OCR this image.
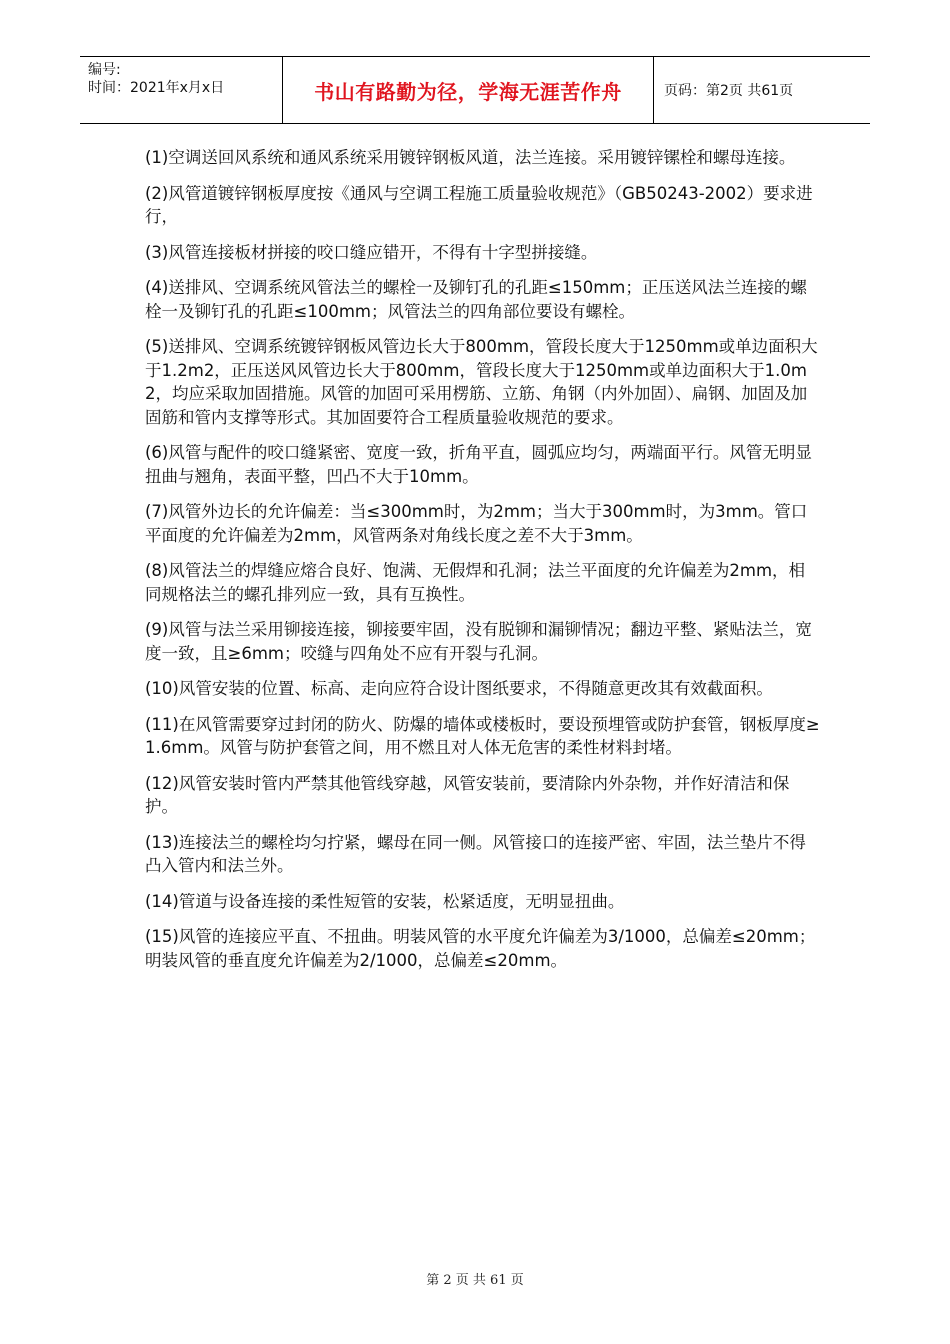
编号:
时间：2021年x月x日	书山有路勤为径，学海无涯苦作舟	页码：第2页 共61页

(1)空调送回风系统和通风系统采用镀锌钢板风道，法兰连接。采用镀锌镙栓和螺母连接。

(2)风管道镀锌钢板厚度按《通风与空调工程施工质量验收规范》（GB50243-2002）要求进行，

(3)风管连接板材拼接的咬口缝应错开，不得有十字型拼接缝。

(4)送排风、空调系统风管法兰的螺栓一及铆钉孔的孔距≤150mm；正压送风法兰连接的螺栓一及铆钉孔的孔距≤100mm；风管法兰的四角部位要设有螺栓。

(5)送排风、空调系统镀锌钢板风管边长大于800mm，管段长度大于1250mm或单边面积大于1.2m2，正压送风风管边长大于800mm，管段长度大于1250mm或单边面积大于1.0m2，均应采取加固措施。风管的加固可采用楞筋、立筋、角钢（内外加固）、扁钢、加固及加固筋和管内支撑等形式。其加固要符合工程质量验收规范的要求。

(6)风管与配件的咬口缝紧密、宽度一致，折角平直，圆弧应均匀，两端面平行。风管无明显扭曲与翘角，表面平整，凹凸不大于10mm。

(7)风管外边长的允许偏差：当≤300mm时，为2mm；当大于300mm时，为3mm。管口平面度的允许偏差为2mm，风管两条对角线长度之差不大于3mm。

(8)风管法兰的焊缝应熔合良好、饱满、无假焊和孔洞；法兰平面度的允许偏差为2mm，相同规格法兰的螺孔排列应一致，具有互换性。

(9)风管与法兰采用铆接连接，铆接要牢固，没有脱铆和漏铆情况；翻边平整、紧贴法兰，宽度一致，且≥6mm；咬缝与四角处不应有开裂与孔洞。

(10)风管安装的位置、标高、走向应符合设计图纸要求，不得随意更改其有效截面积。

(11)在风管需要穿过封闭的防火、防爆的墙体或楼板时，要设预埋管或防护套管，钢板厚度≥1.6mm。风管与防护套管之间，用不燃且对人体无危害的柔性材料封堵。

(12)风管安装时管内严禁其他管线穿越，风管安装前，要清除内外杂物，并作好清洁和保护。

(13)连接法兰的螺栓均匀拧紧，螺母在同一侧。风管接口的连接严密、牢固，法兰垫片不得凸入管内和法兰外。

(14)管道与设备连接的柔性短管的安装，松紧适度，无明显扭曲。

(15)风管的连接应平直、不扭曲。明装风管的水平度允许偏差为3/1000，总偏差≤20mm；明装风管的垂直度允许偏差为2/1000，总偏差≤20mm。

第 2 页 共 61 页
